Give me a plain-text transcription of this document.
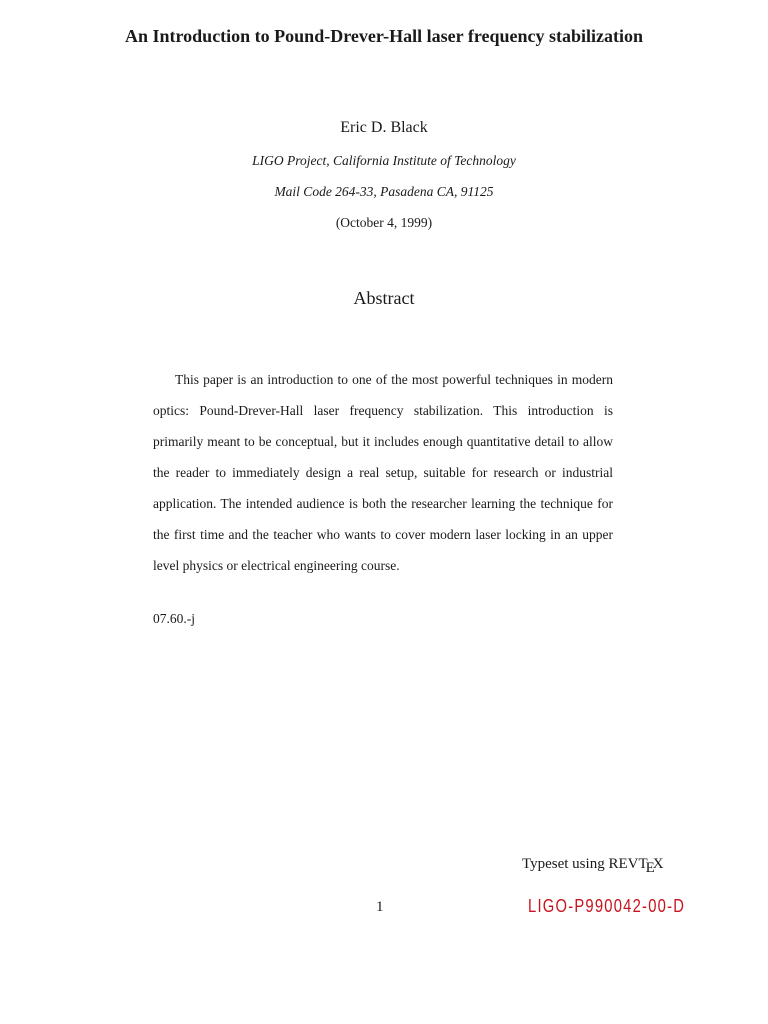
An Introduction to Pound-Drever-Hall laser frequency stabilization

Eric D. Black

LIGO Project, California Institute of Technology

Mail Code 264-33, Pasadena CA, 91125

(October 4, 1999)

Abstract

This paper is an introduction to one of the most powerful techniques in modern optics: Pound-Drever-Hall laser frequency stabilization. This introduction is primarily meant to be conceptual, but it includes enough quantitative detail to allow the reader to immediately design a real setup, suitable for research or industrial application. The intended audience is both the researcher learning the technique for the first time and the teacher who wants to cover modern laser locking in an upper level physics or electrical engineering course.

07.60.-j

Typeset using REVTEX

1	LIGO-P990042-00-D
